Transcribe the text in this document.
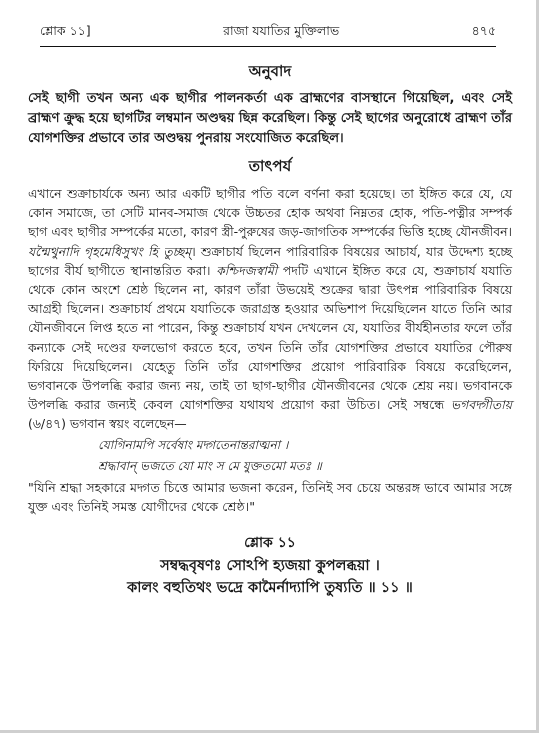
শ্লোক ১১]	রাজা যযাতির মুক্তিলাভ	৪৭৫
অনুবাদ

সেই ছাগী তখন অন্য এক ছাগীর পালনকর্তা এক ব্রাহ্মণের বাসস্থানে গিয়েছিল, এবং সেই ব্রাহ্মণ ক্রুদ্ধ হয়ে ছাগটির লম্বমান অণ্ডদ্বয় ছিন্ন করেছিল। কিন্তু সেই ছাগের অনুরোধে ব্রাহ্মণ তাঁর যোগশক্তির প্রভাবে তার অণ্ডদ্বয় পুনরায় সংযোজিত করেছিল।

তাৎপর্য

এখানে শুক্রাচার্যকে অন্য আর একটি ছাগীর পতি বলে বর্ণনা করা হয়েছে। তা ইঙ্গিত করে যে, যে কোন সমাজে, তা সেটি মানব-সমাজ থেকে উচ্চতর হোক অথবা নিম্নতর হোক, পতি-পত্নীর সম্পর্ক ছাগ এবং ছাগীর সম্পর্কের মতো, কারণ স্ত্রী-পুরুষের জড়-জাগতিক সম্পর্কের ভিত্তি হচ্ছে যৌনজীবন। যন্মৈথুনাদি গৃহমেধিসুখং হি তুচ্ছম্। শুক্রাচার্য ছিলেন পারিবারিক বিষয়ের আচার্য, যার উদ্দেশ্য হচ্ছে ছাগের বীর্য ছাগীতে স্থানান্তরিত করা। কশ্চিদজস্বামী পদটি এখানে ইঙ্গিত করে যে, শুক্রাচার্য যযাতি থেকে কোন অংশে শ্রেষ্ঠ ছিলেন না, কারণ তাঁরা উভয়েই শুক্রের দ্বারা উৎপন্ন পারিবারিক বিষয়ে আগ্রহী ছিলেন। শুক্রাচার্য প্রথমে যযাতিকে জরাগ্রস্ত হওয়ার অভিশাপ দিয়েছিলেন যাতে তিনি আর যৌনজীবনে লিপ্ত হতে না পারেন, কিন্তু শুক্রাচার্য যখন দেখলেন যে, যযাতির বীর্যহীনতার ফলে তাঁর কন্যাকে সেই দণ্ডের ফলভোগ করতে হবে, তখন তিনি তাঁর যোগশক্তির প্রভাবে যযাতির পৌরুষ ফিরিয়ে দিয়েছিলেন। যেহেতু তিনি তাঁর যোগশক্তির প্রয়োগ পারিবারিক বিষয়ে করেছিলেন, ভগবানকে উপলব্ধি করার জন্য নয়, তাই তা ছাগ-ছাগীর যৌনজীবনের থেকে শ্রেয় নয়। ভগবানকে উপলব্ধি করার জন্যই কেবল যোগশক্তির যথাযথ প্রয়োগ করা উচিত। সেই সম্বন্ধে ভগবদ্গীতায় (৬/৪৭) ভগবান স্বয়ং বলেছেন—

যোগিনামপি সর্বেষাং মদ্গতেনান্তরাত্মনা ।
শ্রদ্ধাবান্ ভজতে যো মাং স মে যুক্ততমো মতঃ ॥

"যিনি শ্রদ্ধা সহকারে মদ্গত চিত্তে আমার ভজনা করেন, তিনিই সব চেয়ে অন্তরঙ্গ ভাবে আমার সঙ্গে যুক্ত এবং তিনিই সমস্ত যোগীদের থেকে শ্রেষ্ঠ।"

শ্লোক ১১
সম্বদ্ধবৃষণঃ সোঽপি হ্যজয়া কুপলব্ধয়া ।
কালং বহুতিথং ভদ্রে কামৈর্নাদ্যাপি তুষ্যতি ॥ ১১ ॥
